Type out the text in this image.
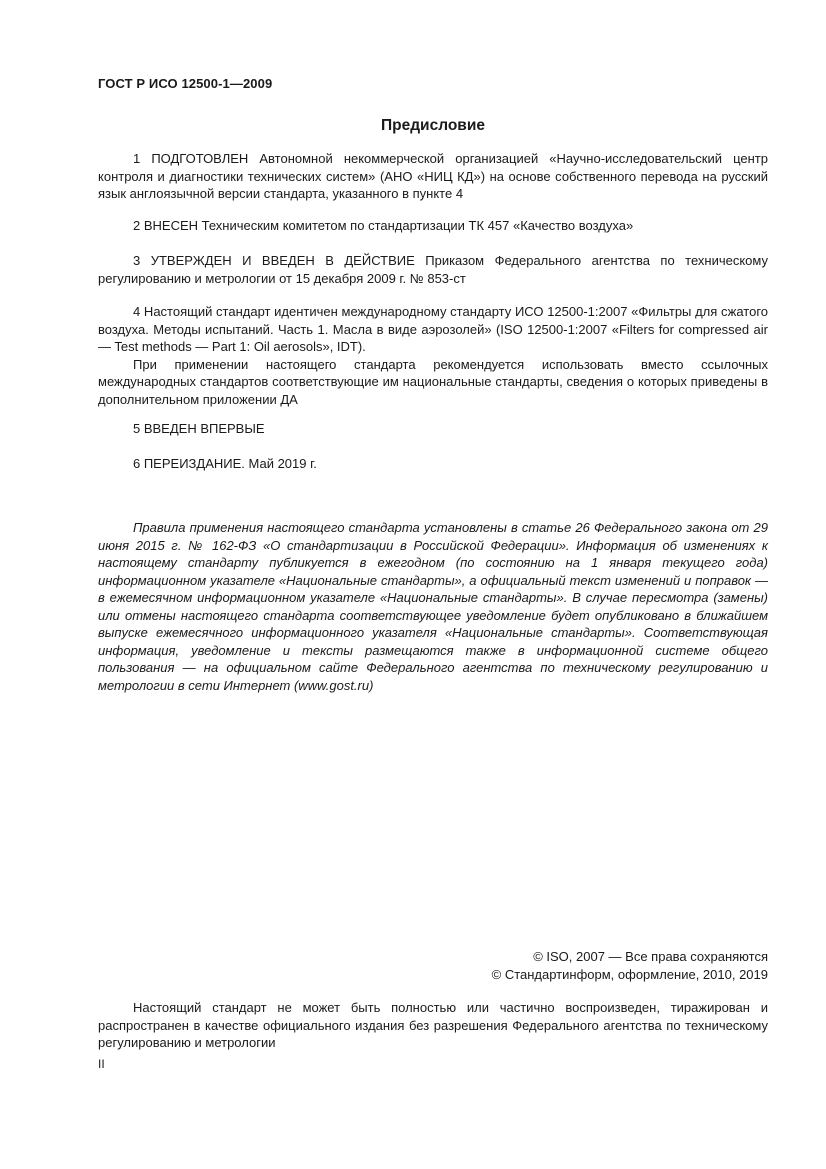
ГОСТ Р ИСО 12500-1—2009
Предисловие

1 ПОДГОТОВЛЕН Автономной некоммерческой организацией «Научно-исследовательский центр контроля и диагностики технических систем» (АНО «НИЦ КД») на основе собственного перевода на русский язык англоязычной версии стандарта, указанного в пункте 4

2 ВНЕСЕН Техническим комитетом по стандартизации ТК 457 «Качество воздуха»

3 УТВЕРЖДЕН И ВВЕДЕН В ДЕЙСТВИЕ Приказом Федерального агентства по техническому регулированию и метрологии от 15 декабря 2009 г. № 853-ст

4 Настоящий стандарт идентичен международному стандарту ИСО 12500-1:2007 «Фильтры для сжатого воздуха. Методы испытаний. Часть 1. Масла в виде аэрозолей» (ISO 12500-1:2007 «Filters for compressed air — Test methods — Part 1: Oil aerosols», IDT).

При применении настоящего стандарта рекомендуется использовать вместо ссылочных международных стандартов соответствующие им национальные стандарты, сведения о которых приведены в дополнительном приложении ДА

5 ВВЕДЕН ВПЕРВЫЕ

6 ПЕРЕИЗДАНИЕ. Май 2019 г.

Правила применения настоящего стандарта установлены в статье 26 Федерального закона от 29 июня 2015 г. № 162-ФЗ «О стандартизации в Российской Федерации». Информация об изменениях к настоящему стандарту публикуется в ежегодном (по состоянию на 1 января текущего года) информационном указателе «Национальные стандарты», а официальный текст изменений и поправок — в ежемесячном информационном указателе «Национальные стандарты». В случае пересмотра (замены) или отмены настоящего стандарта соответствующее уведомление будет опубликовано в ближайшем выпуске ежемесячного информационного указателя «Национальные стандарты». Соответствующая информация, уведомление и тексты размещаются также в информационной системе общего пользования — на официальном сайте Федерального агентства по техническому регулированию и метрологии в сети Интернет (www.gost.ru)

© ISO, 2007 — Все права сохраняются
© Стандартинформ, оформление, 2010, 2019

Настоящий стандарт не может быть полностью или частично воспроизведен, тиражирован и распространен в качестве официального издания без разрешения Федерального агентства по техническому регулированию и метрологии

II
